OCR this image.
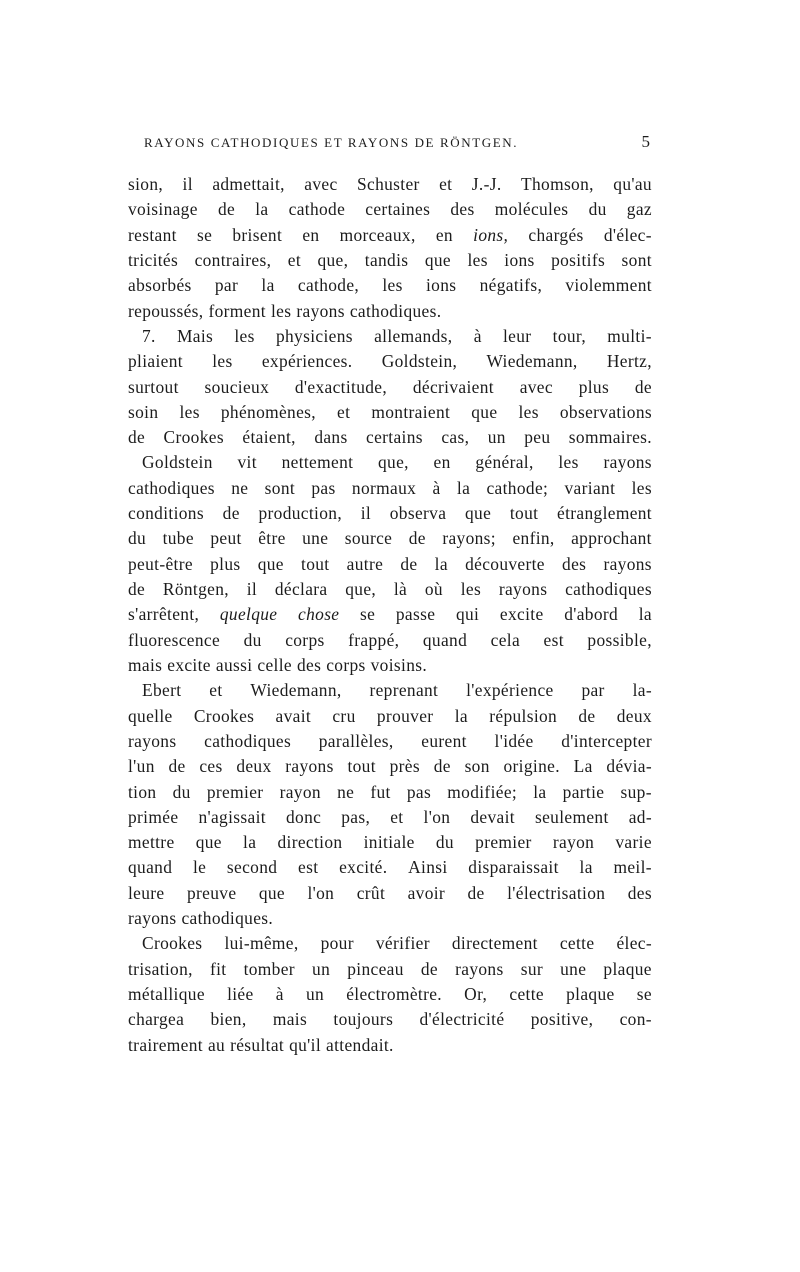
RAYONS CATHODIQUES ET RAYONS DE RÖNTGEN.	5
sion, il admettait, avec Schuster et J.-J. Thomson, qu'au
voisinage de la cathode certaines des molécules du gaz
restant se brisent en morceaux, en ions, chargés d'élec-
tricités contraires, et que, tandis que les ions positifs sont
absorbés par la cathode, les ions négatifs, violemment
repoussés, forment les rayons cathodiques.
7. Mais les physiciens allemands, à leur tour, multi-
pliaient les expériences. Goldstein, Wiedemann, Hertz,
surtout soucieux d'exactitude, décrivaient avec plus de
soin les phénomènes, et montraient que les observations
de Crookes étaient, dans certains cas, un peu sommaires.
Goldstein vit nettement que, en général, les rayons
cathodiques ne sont pas normaux à la cathode; variant les
conditions de production, il observa que tout étranglement
du tube peut être une source de rayons; enfin, approchant
peut-être plus que tout autre de la découverte des rayons
de Röntgen, il déclara que, là où les rayons cathodiques
s'arrêtent, quelque chose se passe qui excite d'abord la
fluorescence du corps frappé, quand cela est possible,
mais excite aussi celle des corps voisins.
Ebert et Wiedemann, reprenant l'expérience par la-
quelle Crookes avait cru prouver la répulsion de deux
rayons cathodiques parallèles, eurent l'idée d'intercepter
l'un de ces deux rayons tout près de son origine. La dévia-
tion du premier rayon ne fut pas modifiée; la partie sup-
primée n'agissait donc pas, et l'on devait seulement ad-
mettre que la direction initiale du premier rayon varie
quand le second est excité. Ainsi disparaissait la meil-
leure preuve que l'on crût avoir de l'électrisation des
rayons cathodiques.
Crookes lui-même, pour vérifier directement cette élec-
trisation, fit tomber un pinceau de rayons sur une plaque
métallique liée à un électromètre. Or, cette plaque se
chargea bien, mais toujours d'électricité positive, con-
trairement au résultat qu'il attendait.
